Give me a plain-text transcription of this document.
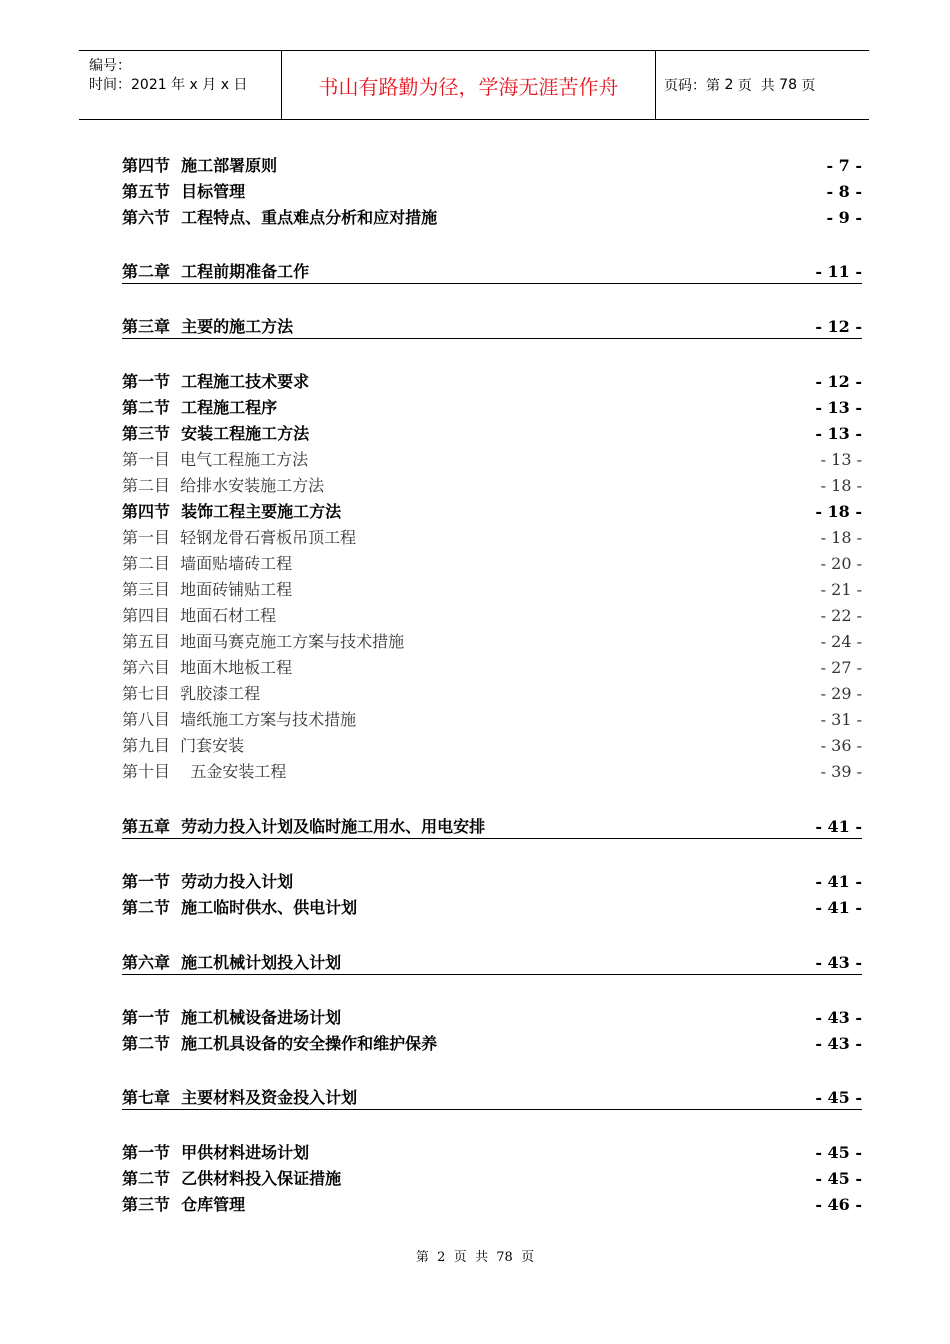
编号：
时间：2021 年 x 月 x 日	书山有路勤为径，学海无涯苦作舟	页码：第 2 页  共 78 页
第四节  施工部署原则	- 7 -
第五节  目标管理	- 8 -
第六节  工程特点、重点难点分析和应对措施	- 9 -
第二章  工程前期准备工作	- 11 -
第三章  主要的施工方法	- 12 -
第一节  工程施工技术要求	- 12 -
第二节  工程施工程序	- 13 -
第三节  安装工程施工方法	- 13 -
第一目  电气工程施工方法	- 13 -
第二目  给排水安装施工方法	- 18 -
第四节  装饰工程主要施工方法	- 18 -
第一目  轻钢龙骨石膏板吊顶工程	- 18 -
第二目  墙面贴墙砖工程	- 20 -
第三目  地面砖铺贴工程	- 21 -
第四目  地面石材工程	- 22 -
第五目  地面马赛克施工方案与技术措施	- 24 -
第六目  地面木地板工程	- 27 -
第七目  乳胶漆工程	- 29 -
第八目  墙纸施工方案与技术措施	- 31 -
第九目  门套安装	- 36 -
第十目    五金安装工程	- 39 -
第五章  劳动力投入计划及临时施工用水、用电安排	- 41 -
第一节  劳动力投入计划	- 41 -
第二节  施工临时供水、供电计划	- 41 -
第六章  施工机械计划投入计划	- 43 -
第一节  施工机械设备进场计划	- 43 -
第二节  施工机具设备的安全操作和维护保养	- 43 -
第七章  主要材料及资金投入计划	- 45 -
第一节  甲供材料进场计划	- 45 -
第二节  乙供材料投入保证措施	- 45 -
第三节  仓库管理	- 46 -
第  2  页  共  78  页
